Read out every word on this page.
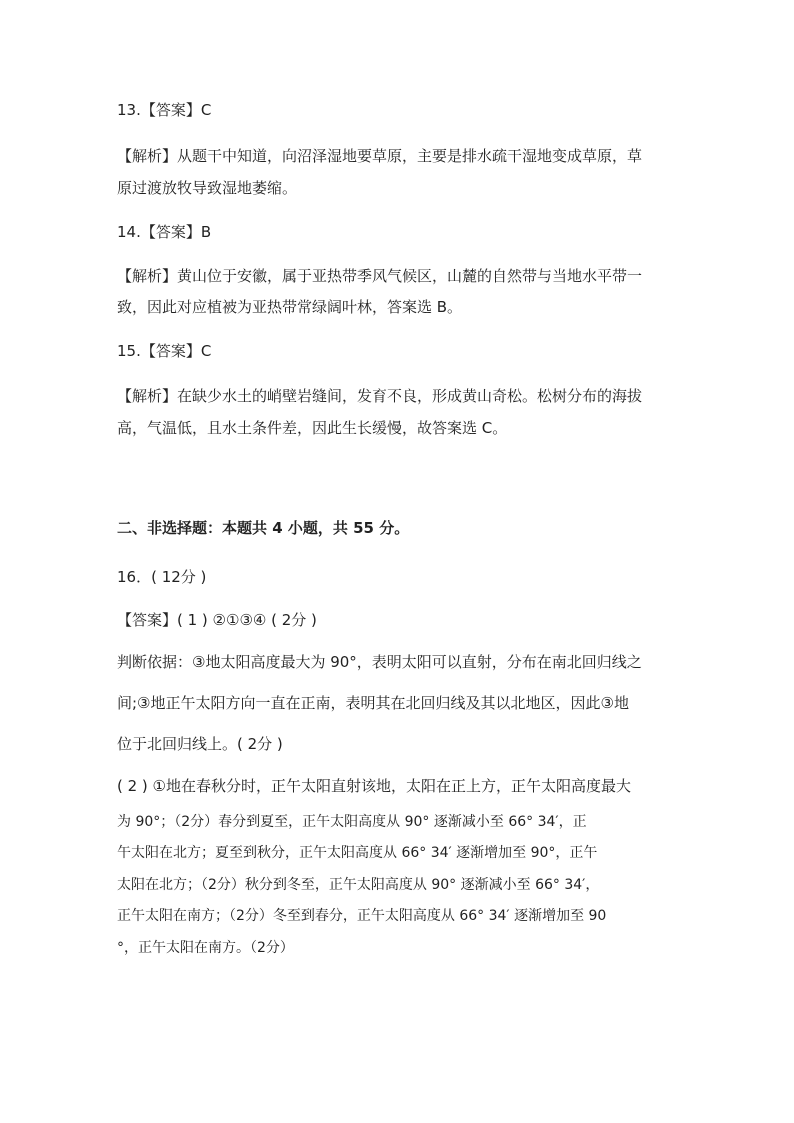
13.【答案】C
【解析】从题干中知道，向沼泽湿地要草原，主要是排水疏干湿地变成草原，草
原过渡放牧导致湿地萎缩。
14.【答案】B
【解析】黄山位于安徽，属于亚热带季风气候区，山麓的自然带与当地水平带一
致，因此对应植被为亚热带常绿阔叶林，答案选 B。
15.【答案】C
【解析】在缺少水土的峭壁岩缝间，发育不良，形成黄山奇松。松树分布的海拔
高，气温低，且水土条件差，因此生长缓慢，故答案选 C。
二、非选择题：本题共 4 小题，共 55 分。
16．( 12分 )
【答案】( 1 ) ②①③④ ( 2分 )
判断依据：③地太阳高度最大为 90°，表明太阳可以直射，分布在南北回归线之
间;③地正午太阳方向一直在正南，表明其在北回归线及其以北地区，因此③地
位于北回归线上。( 2分 )
( 2 ) ①地在春秋分时，正午太阳直射该地，太阳在正上方，正午太阳高度最大
为 90°；（2分）春分到夏至，正午太阳高度从 90° 逐渐减小至 66° 34′，正
午太阳在北方；夏至到秋分，正午太阳高度从 66° 34′ 逐渐增加至 90°，正午
太阳在北方；（2分）秋分到冬至，正午太阳高度从 90° 逐渐减小至 66° 34′，
正午太阳在南方；（2分）冬至到春分，正午太阳高度从 66° 34′ 逐渐增加至 90
°，正午太阳在南方。（2分）
